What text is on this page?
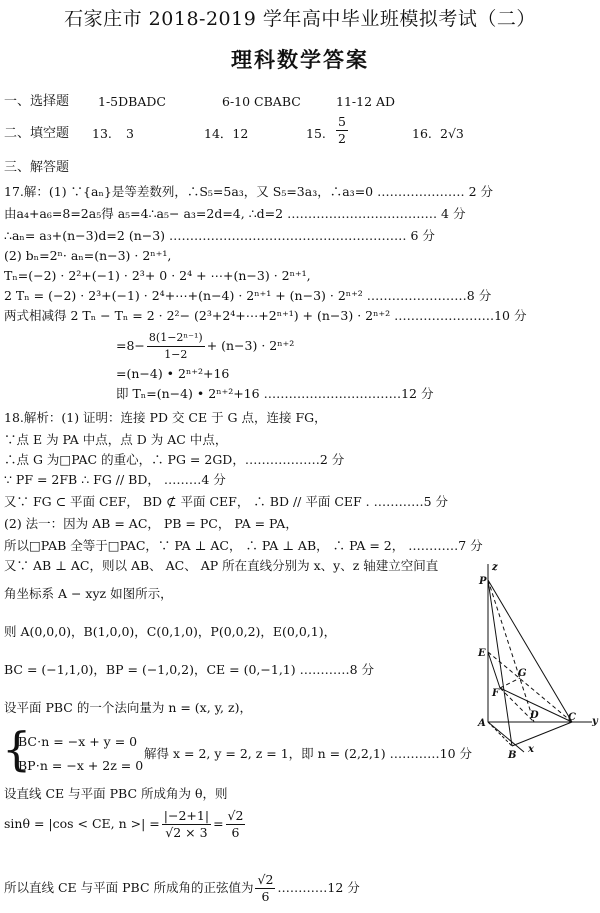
石家庄市 2018-2019 学年高中毕业班模拟考试（二）
理科数学答案
一、选择题 1-5DBADC	6-10 CBABC	11-12 AD
二、填空题 13. 3	14．12	15. $\frac{5}{2}$	16. 2√3
三、解答题
17.解：(1) ∵{aₙ}是等差数列，∴S₅=5a₃，又 S₅=3a₃，∴a₃=0 ………………… 2 分
由a₄+a₆=8=2a₅得 a₅=4∴a₅− a₃=2d=4, ∴d=2 ……………………………… 4 分
∴aₙ= a₃+(n−3)d=2 (n−3) ………………………………………………… 6 分
(2) bₙ=2ⁿ· aₙ=(n−3) · 2ⁿ⁺¹,
Tₙ=(−2) · 2²+(−1) · 2³+ 0 · 2⁴ + ⋯+(n−3) · 2ⁿ⁺¹,
2 Tₙ = (−2) · 2³+(−1) · 2⁴+⋯+(n−4) · 2ⁿ⁺¹ + (n−3) · 2ⁿ⁺² ……………………8 分
两式相减得 2 Tₙ − Tₙ = 2 · 2²− (2³+2⁴+⋯+2ⁿ⁺¹) + (n−3) · 2ⁿ⁺² ……………………10 分
$=8- \frac{\text{8(1−2ⁿ⁻¹)}}{1-2} + (n-3) \cdot 2^{n+2}$
=(n−4) • 2ⁿ⁺²+16
即 Tₙ=(n−4) • 2ⁿ⁺²+16 ……………………………12 分
18.解析：(1) 证明：连接 PD 交 CE 于 G 点，连接 FG，
∵点 E 为 PA 中点，点 D 为 AC 中点，
∴点 G 为□PAC 的重心，∴ PG = 2GD，………………2 分
∵ PF = 2FB ∴ FG // BD， ………4 分
又∵ FG ⊂ 平面 CEF， BD ⊄ 平面 CEF， ∴ BD // 平面 CEF . …………5 分
(2) 法一：因为 AB = AC， PB = PC， PA = PA，
所以□PAB 全等于□PAC，∵ PA ⊥ AC， ∴ PA ⊥ AB， ∴ PA = 2， …………7 分
又∵ AB ⊥ AC，则以 AB、 AC、 AP 所在直线分别为 x、y、z 轴建立空间直
角坐标系 A − xyz 如图所示，
则 A(0,0,0)，B(1,0,0)，C(0,1,0)，P(0,0,2)，E(0,0,1)，
BC = (−1,1,0)，BP = (−1,0,2)，CE = (0,−1,1) …………8 分
设平面 PBC 的一个法向量为 n = (x, y, z)，
{
BC⋅n = −x + y = 0
BP⋅n = −x + 2z = 0
解得 x = 2, y = 2, z = 1，即 n = (2,2,1) …………10 分
设直线 CE 与平面 PBC 所成角为 θ，则
sinθ = |cos < CE, n >| = $\frac{|-2+1|}{√2 \times 3} = \frac{√2}{6}$
所以直线 CE 与平面 PBC 所成角的正弦值为 $\frac{√2}{6}$ …………12 分
z
P
E
F
G
A
D	C
B
x
y
